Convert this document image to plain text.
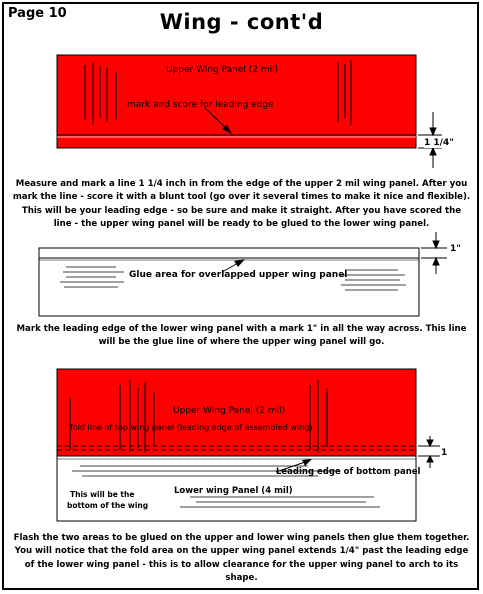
Page 10	Wing - cont'd
Upper Wing Panel (2 mil)
mark and score for leading edge
1 1/4"
Measure and mark a line 1 1/4 inch in from the edge of the upper 2 mil wing panel. After you mark the line - score it with a blunt tool (go over it several times to make it nice and flexible). This will be your leading edge - so be sure and make it straight. After you have scored the line - the upper wing panel will be ready to be glued to the lower wing panel.
Glue area for overlapped upper wing panel
1"
Mark the leading edge of the lower wing panel with a mark 1" in all the way across. This line will be the glue line of where the upper wing panel will go.
Upper Wing Panel (2 mil)
fold line of top wing panel (leading edge of assembled wing)
Leading edge of bottom panel
Lower wing Panel (4 mil)
This will be the
bottom of the wing
1
Flash the two areas to be glued on the upper and lower wing panels then glue them together. You will notice that the fold area on the upper wing panel extends 1/4" past the leading edge of the lower wing panel - this is to allow clearance for the upper wing panel to arch to its shape.
